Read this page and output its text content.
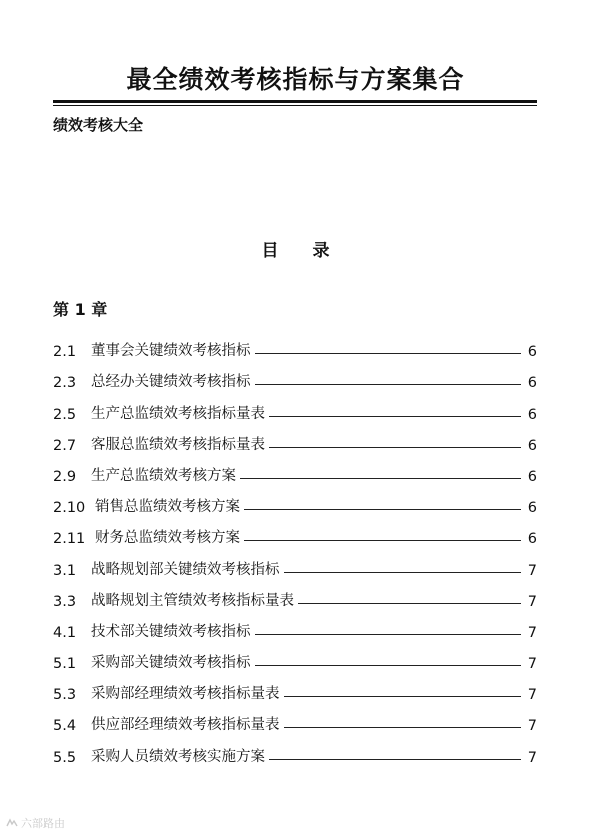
最全绩效考核指标与方案集合
绩效考核大全
目 录
第 1 章
2.1	董事会关键绩效考核指标	6
2.3	总经办关键绩效考核指标	6
2.5	生产总监绩效考核指标量表	6
2.7	客服总监绩效考核指标量表	6
2.9	生产总监绩效考核方案	6
2.10 销售总监绩效考核方案	6
2.11 财务总监绩效考核方案	6
3.1	战略规划部关键绩效考核指标	7
3.3	战略规划主管绩效考核指标量表	7
4.1	技术部关键绩效考核指标	7
5.1	采购部关键绩效考核指标	7
5.3	采购部经理绩效考核指标量表	7
5.4	供应部经理绩效考核指标量表	7
5.5	采购人员绩效考核实施方案	7
六部路由
